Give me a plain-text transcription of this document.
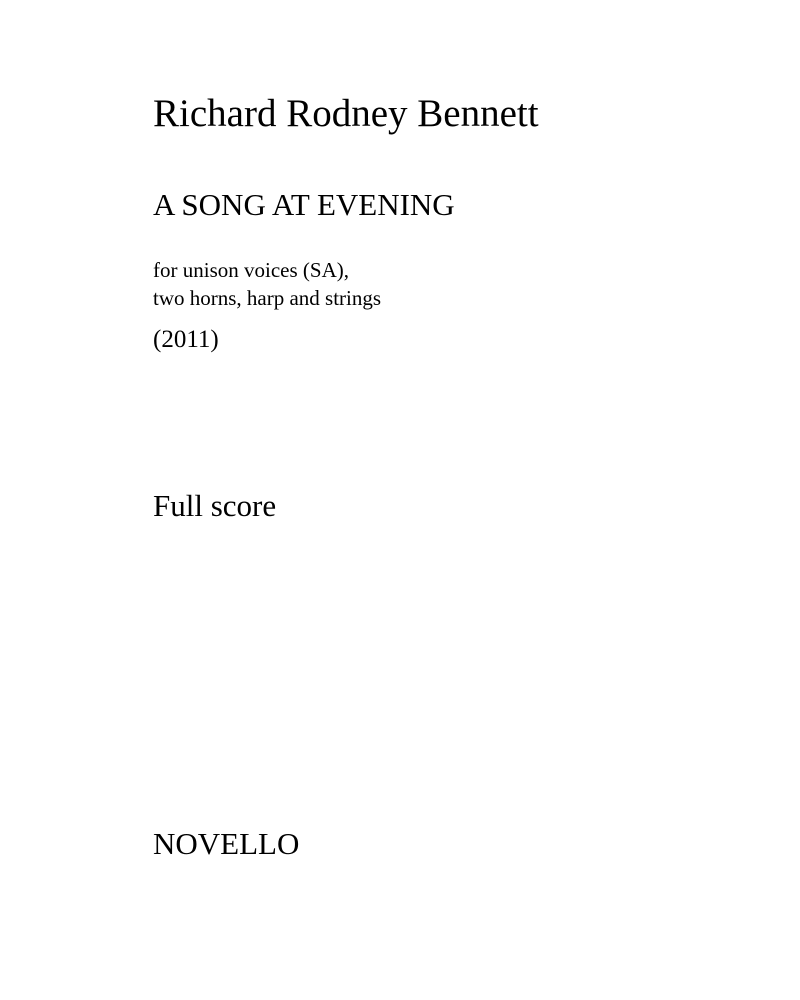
Richard Rodney Bennett
A SONG AT EVENING
for unison voices (SA),
two horns, harp and strings
(2011)
Full score
NOVELLO
